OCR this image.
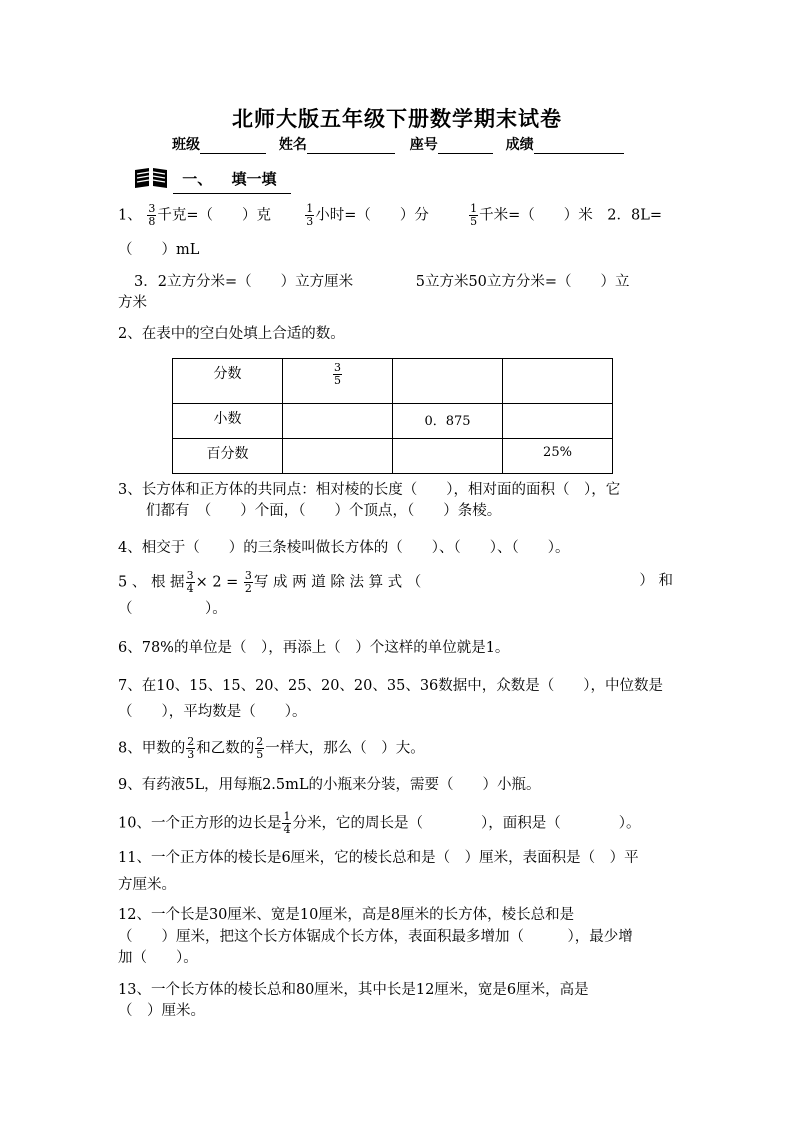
北师大版五年级下册数学期末试卷
班级	姓名	座号	成绩
一、 填一填
1、 $\frac{3}{8}$ 千克=（　　）克	$\frac{1}{3}$ 小时=（　　）分	$\frac{1}{5}$ 千米=（　　）米　2．8L=
（　　）mL
3．2立方分米=（　　）立方厘米	5立方米50立方分米=（　　）立
方米
2、在表中的空白处填上合适的数。
分数	$\frac{3}{5}$

小数		0．875	

百分数			25%
3、长方体和正方体的共同点：相对棱的长度（　　），相对面的面积（　），它
们都有　（　　）个面，（　　）个顶点，（　　）条棱。
4、相交于（　　）的三条棱叫做长方体的（　　）、（　　）、（　　）。
5 、 根 据 $\frac{3}{4} \times 2 = \frac{3}{2}$ 写 成 两 道 除 法 算 式 （	） 和
（　　　　　）。
6、78%的单位是（　），再添上（　）个这样的单位就是1。
7、在10、15、15、20、25、20、20、35、36数据中，众数是（　　），中位数是
（　　），平均数是（　　）。
8、甲数的 $\frac{2}{3}$ 和乙数的 $\frac{2}{5}$ 一样大，那么（　）大。
9、有药液5L，用每瓶2.5mL的小瓶来分装，需要（　　）小瓶。
10、一个正方形的边长是 $\frac{1}{4}$ 分米，它的周长是（　　　　），面积是（　　　　）。
11、一个正方体的棱长是6厘米，它的棱长总和是（　）厘米，表面积是（　）平
方厘米。
12、一个长是30厘米、宽是10厘米，高是8厘米的长方体，棱长总和是
（　　）厘米，把这个长方体锯成个长方体，表面积最多增加（　　　），最少增
加（　　）。
13、一个长方体的棱长总和80厘米，其中长是12厘米，宽是6厘米，高是
（　）厘米。
